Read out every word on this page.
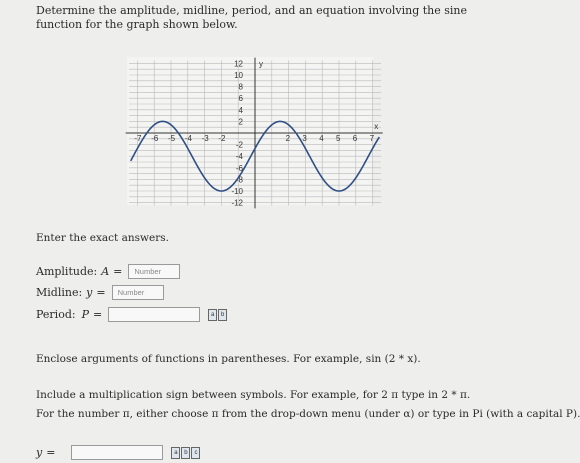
Determine the amplitude, midline, period, and an equation involving the sine function for the graph shown below.
-7 -6 -5 -4 -3 -2	2 3 4 5 6 7
12
10
8
6
4
2
-2
-4
-6
-8
-10
-12
y
x
Enter the exact answers.
Amplitude: A =	Number
Midline: y =	Number
Period: P =	a	b
Enclose arguments of functions in parentheses. For example, sin (2 * x).
Include a multiplication sign between symbols. For example, for 2 π type in 2 * π.
For the number π, either choose π from the drop-down menu (under α) or type in Pi (with a capital P).
y =	a	b	c
